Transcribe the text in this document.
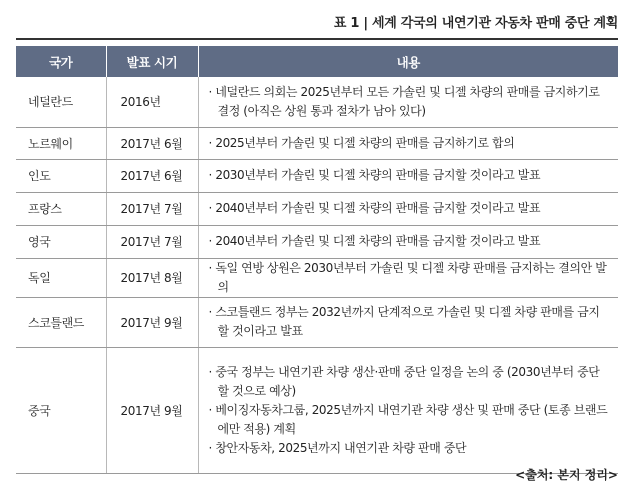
표 1 | 세계 각국의 내연기관 자동차 판매 중단 계획
국가	발표 시기	내용
네덜란드	2016년	· 네덜란드 의회는 2025년부터 모든 가솔린 및 디젤 차량의 판매를 금지하기로 결정 (아직은 상원 통과 절차가 남아 있다)

노르웨이	2017년 6월	· 2025년부터 가솔린 및 디젤 차량의 판매를 금지하기로 합의

인도	2017년 6월	· 2030년부터 가솔린 및 디젤 차량의 판매를 금지할 것이라고 발표

프랑스	2017년 7월	· 2040년부터 가솔린 및 디젤 차량의 판매를 금지할 것이라고 발표

영국	2017년 7월	· 2040년부터 가솔린 및 디젤 차량의 판매를 금지할 것이라고 발표

독일	2017년 8월	· 독일 연방 상원은 2030년부터 가솔린 및 디젤 차량 판매를 금지하는 결의안 발의

스코틀랜드	2017년 9월	· 스코틀랜드 정부는 2032년까지 단계적으로 가솔린 및 디젤 차량 판매를 금지할 것이라고 발표

중국	2017년 9월	· 중국 정부는 내연기관 차량 생산·판매 중단 일정을 논의 중 (2030년부터 중단할 것으로 예상)
· 베이징자동차그룹, 2025년까지 내연기관 차량 생산 및 판매 중단 (토종 브랜드에만 적용) 계획
· 창안자동차, 2025년까지 내연기관 차량 판매 중단
<출처: 본지 정리>
